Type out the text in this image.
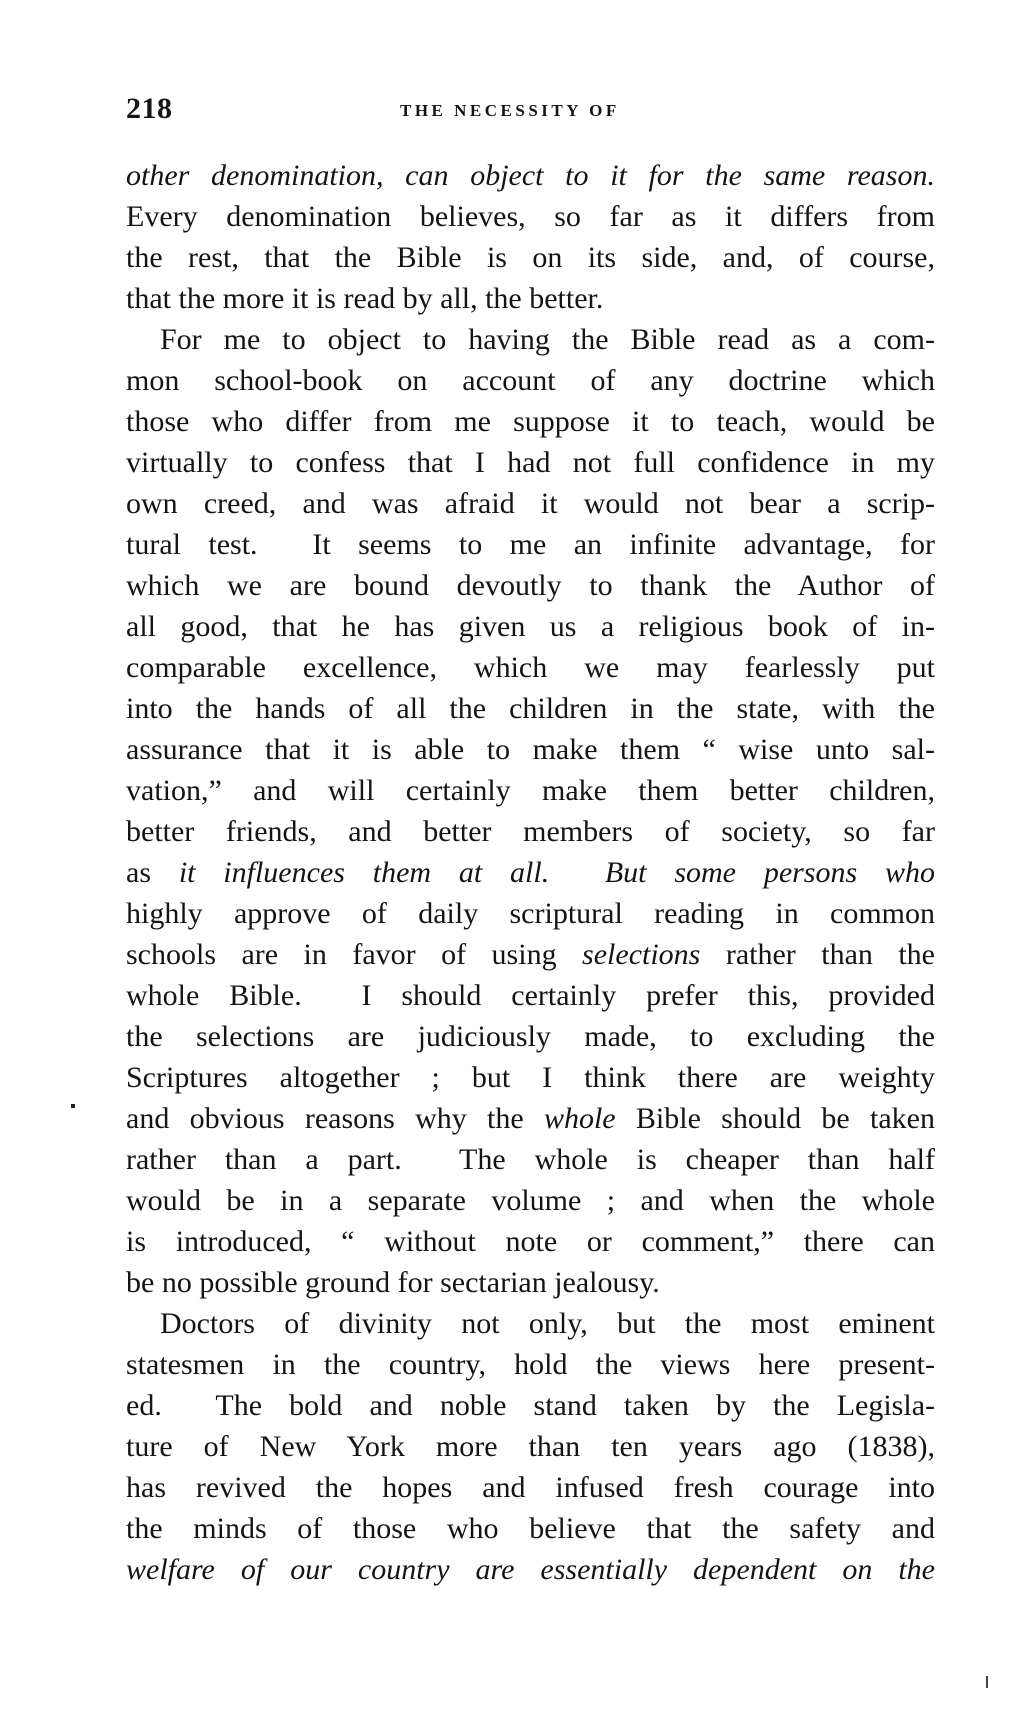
218	THE NECESSITY OF
other denomination, can object to it for the same reason.
Every denomination believes, so far as it differs from
the rest, that the Bible is on its side, and, of course,
that the more it is read by all, the better.
For me to object to having the Bible read as a com-
mon school-book on account of any doctrine which
those who differ from me suppose it to teach, would be
virtually to confess that I had not full confidence in my
own creed, and was afraid it would not bear a scrip-
tural test.  It seems to me an infinite advantage, for
which we are bound devoutly to thank the Author of
all good, that he has given us a religious book of in-
comparable excellence, which we may fearlessly put
into the hands of all the children in the state, with the
assurance that it is able to make them “ wise unto sal-
vation,” and will certainly make them better children,
better friends, and better members of society, so far
as it influences them at all. But some persons who
highly approve of daily scriptural reading in common
schools are in favor of using selections rather than the
whole Bible.  I should certainly prefer this, provided
the selections are judiciously made, to excluding the
Scriptures altogether ; but I think there are weighty
and obvious reasons why the whole Bible should be taken
rather than a part.  The whole is cheaper than half
would be in a separate volume ; and when the whole
is introduced, “ without note or comment,” there can
be no possible ground for sectarian jealousy.
Doctors of divinity not only, but the most eminent
statesmen in the country, hold the views here present-
ed.  The bold and noble stand taken by the Legisla-
ture of New York more than ten years ago (1838),
has revived the hopes and infused fresh courage into
the minds of those who believe that the safety and
welfare of our country are essentially dependent on the
